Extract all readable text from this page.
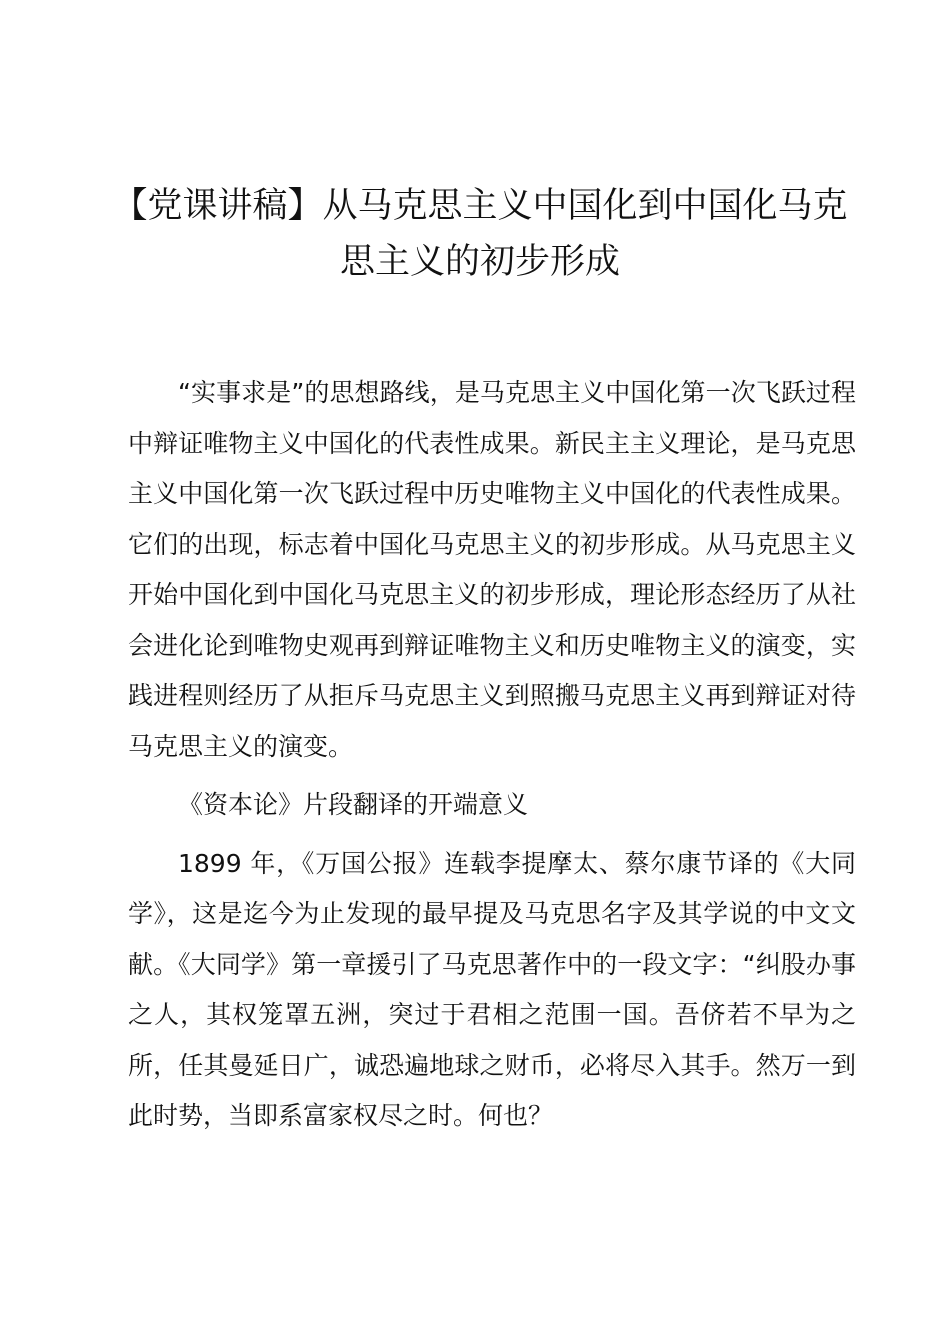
【党课讲稿】从马克思主义中国化到中国化马克思主义的初步形成

“实事求是”的思想路线，是马克思主义中国化第一次飞跃过程中辩证唯物主义中国化的代表性成果。新民主主义理论，是马克思主义中国化第一次飞跃过程中历史唯物主义中国化的代表性成果。它们的出现，标志着中国化马克思主义的初步形成。从马克思主义开始中国化到中国化马克思主义的初步形成，理论形态经历了从社会进化论到唯物史观再到辩证唯物主义和历史唯物主义的演变，实践进程则经历了从拒斥马克思主义到照搬马克思主义再到辩证对待马克思主义的演变。

《资本论》片段翻译的开端意义

1899 年，《万国公报》连载李提摩太、蔡尔康节译的《大同学》，这是迄今为止发现的最早提及马克思名字及其学说的中文文献。《大同学》第一章援引了马克思著作中的一段文字：“纠股办事之人，其权笼罩五洲，突过于君相之范围一国。吾侪若不早为之所，任其曼延日广，诚恐遍地球之财币，必将尽入其手。然万一到此时势，当即系富家权尽之时。何也？
